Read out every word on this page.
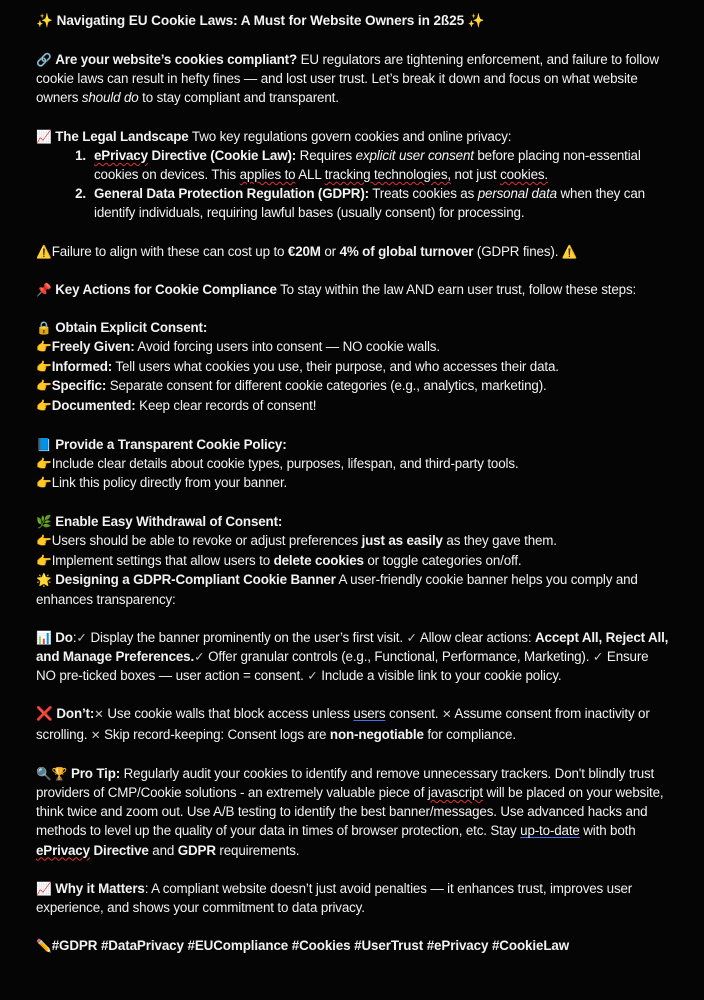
✨ Navigating EU Cookie Laws: A Must for Website Owners in 2ß25 ✨

🔗 Are your website’s cookies compliant? EU regulators are tightening enforcement, and failure to follow cookie laws can result in hefty fines — and lost user trust. Let’s break it down and focus on what website owners should do to stay compliant and transparent.

📈 The Legal Landscape Two key regulations govern cookies and online privacy:

ePrivacy Directive (Cookie Law): Requires explicit user consent before placing non-essential cookies on devices. This applies to ALL tracking technologies, not just cookies.
General Data Protection Regulation (GDPR): Treats cookies as personal data when they can identify individuals, requiring lawful bases (usually consent) for processing.

⚠️Failure to align with these can cost up to €20M or 4% of global turnover (GDPR fines). ⚠️

📌 Key Actions for Cookie Compliance To stay within the law AND earn user trust, follow these steps:

🔒 Obtain Explicit Consent:

👉Freely Given: Avoid forcing users into consent — NO cookie walls.

👉Informed: Tell users what cookies you use, their purpose, and who accesses their data.

👉Specific: Separate consent for different cookie categories (e.g., analytics, marketing).

👉Documented: Keep clear records of consent!

📘 Provide a Transparent Cookie Policy:

👉Include clear details about cookie types, purposes, lifespan, and third-party tools.

👉Link this policy directly from your banner.

🌿 Enable Easy Withdrawal of Consent:

👉Users should be able to revoke or adjust preferences just as easily as they gave them.

👉Implement settings that allow users to delete cookies or toggle categories on/off.

🌟 Designing a GDPR-Compliant Cookie Banner A user-friendly cookie banner helps you comply and enhances transparency:

📊 Do:✓ Display the banner prominently on the user’s first visit. ✓ Allow clear actions: Accept All, Reject All, and Manage Preferences.✓ Offer granular controls (e.g., Functional, Performance, Marketing). ✓ Ensure NO pre-ticked boxes — user action = consent. ✓ Include a visible link to your cookie policy.

❌ Don’t:✕ Use cookie walls that block access unless users consent. ✕ Assume consent from inactivity or scrolling. ✕ Skip record-keeping: Consent logs are non-negotiable for compliance.

🔍🏆 Pro Tip: Regularly audit your cookies to identify and remove unnecessary trackers. Don't blindly trust providers of CMP/Cookie solutions - an extremely valuable piece of javascript will be placed on your website, think twice and zoom out. Use A/B testing to identify the best banner/messages. Use advanced hacks and methods to level up the quality of your data in times of browser protection, etc. Stay up-to-date with both ePrivacy Directive and GDPR requirements.

📈 Why it Matters: A compliant website doesn’t just avoid penalties — it enhances trust, improves user experience, and shows your commitment to data privacy.

✏️#GDPR #DataPrivacy #EUCompliance #Cookies #UserTrust #ePrivacy #CookieLaw
